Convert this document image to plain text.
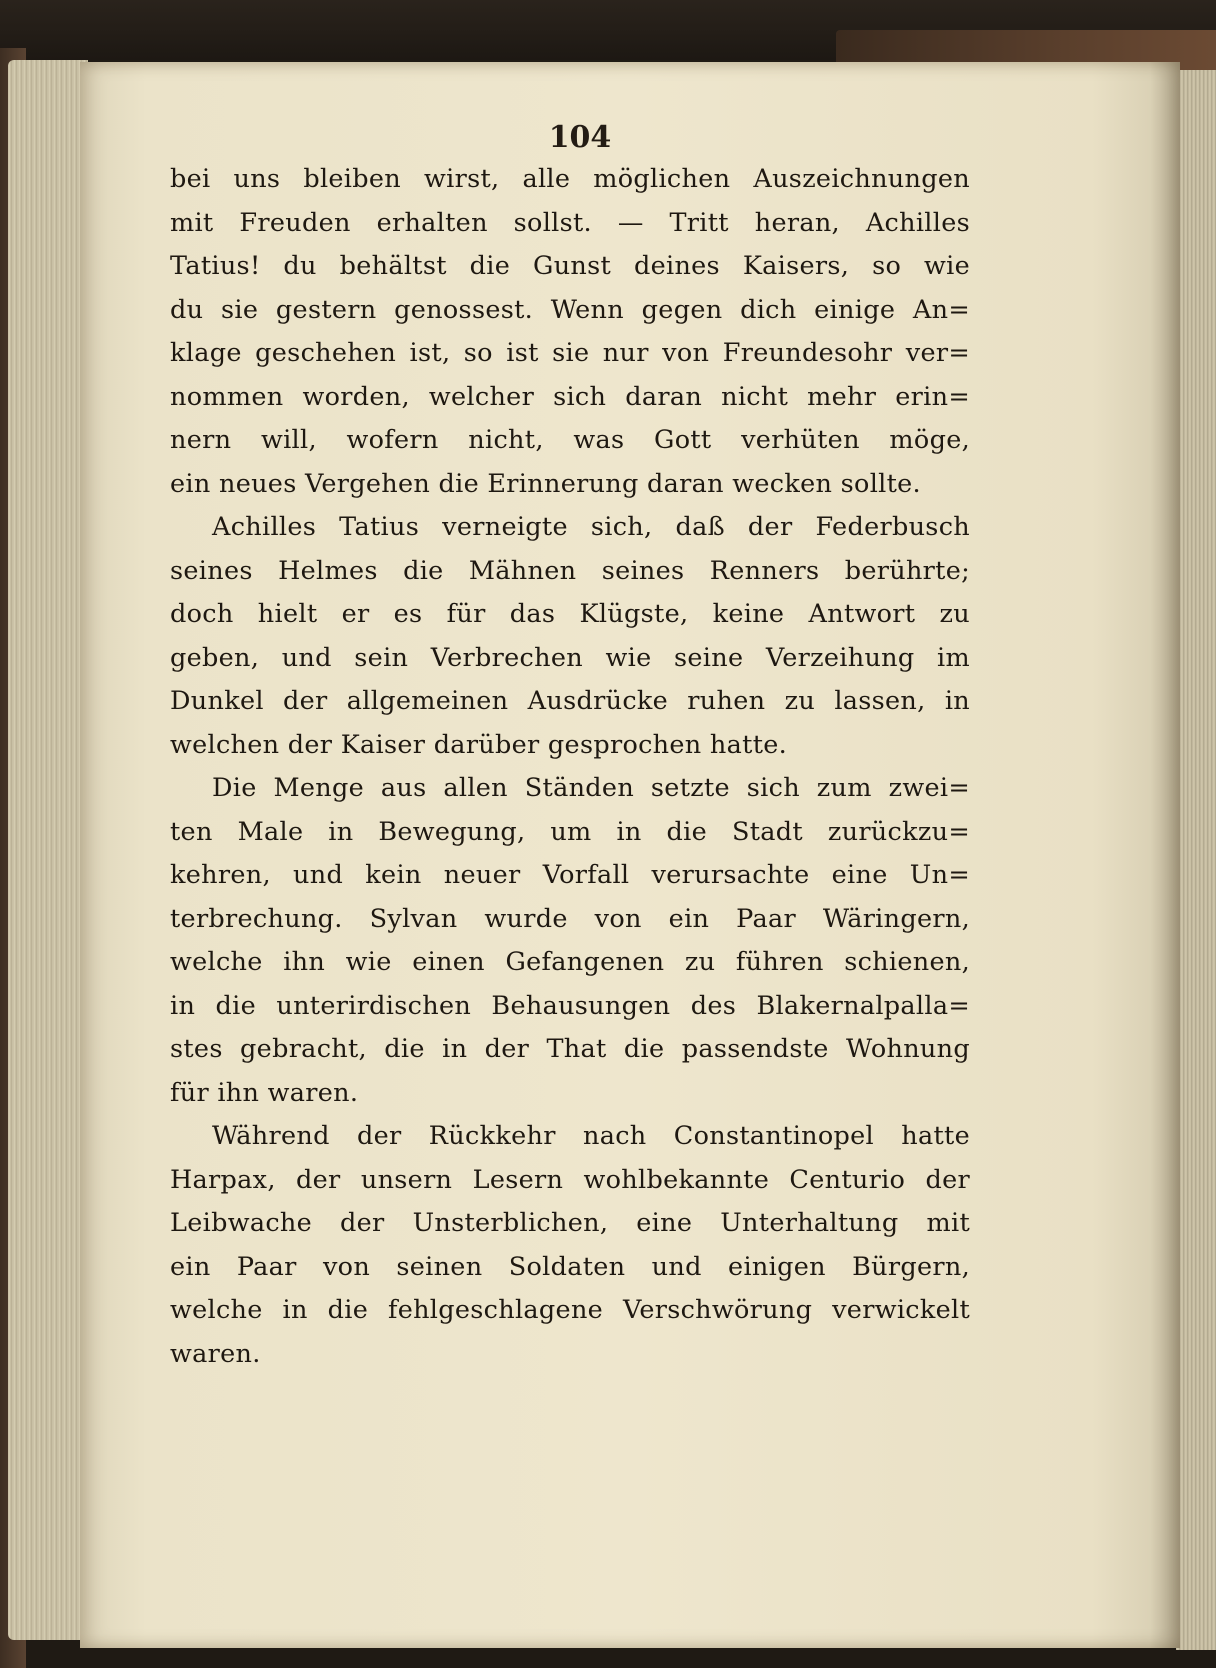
104

bei uns bleiben wirst, alle möglichen Auszeichnungen
mit Freuden erhalten sollst. — Tritt heran, Achilles
Tatius! du behältst die Gunst deines Kaisers, so wie
du sie gestern genossest. Wenn gegen dich einige An=
klage geschehen ist, so ist sie nur von Freundesohr ver=
nommen worden, welcher sich daran nicht mehr erin=
nern will, wofern nicht, was Gott verhüten möge,
ein neues Vergehen die Erinnerung daran wecken sollte.
Achilles Tatius verneigte sich, daß der Federbusch
seines Helmes die Mähnen seines Renners berührte;
doch hielt er es für das Klügste, keine Antwort zu
geben, und sein Verbrechen wie seine Verzeihung im
Dunkel der allgemeinen Ausdrücke ruhen zu lassen, in
welchen der Kaiser darüber gesprochen hatte.
Die Menge aus allen Ständen setzte sich zum zwei=
ten Male in Bewegung, um in die Stadt zurückzu=
kehren, und kein neuer Vorfall verursachte eine Un=
terbrechung. Sylvan wurde von ein Paar Wäringern,
welche ihn wie einen Gefangenen zu führen schienen,
in die unterirdischen Behausungen des Blakernalpalla=
stes gebracht, die in der That die passendste Wohnung
für ihn waren.
Während der Rückkehr nach Constantinopel hatte
Harpax, der unsern Lesern wohlbekannte Centurio der
Leibwache der Unsterblichen, eine Unterhaltung mit
ein Paar von seinen Soldaten und einigen Bürgern,
welche in die fehlgeschlagene Verschwörung verwickelt
waren.
